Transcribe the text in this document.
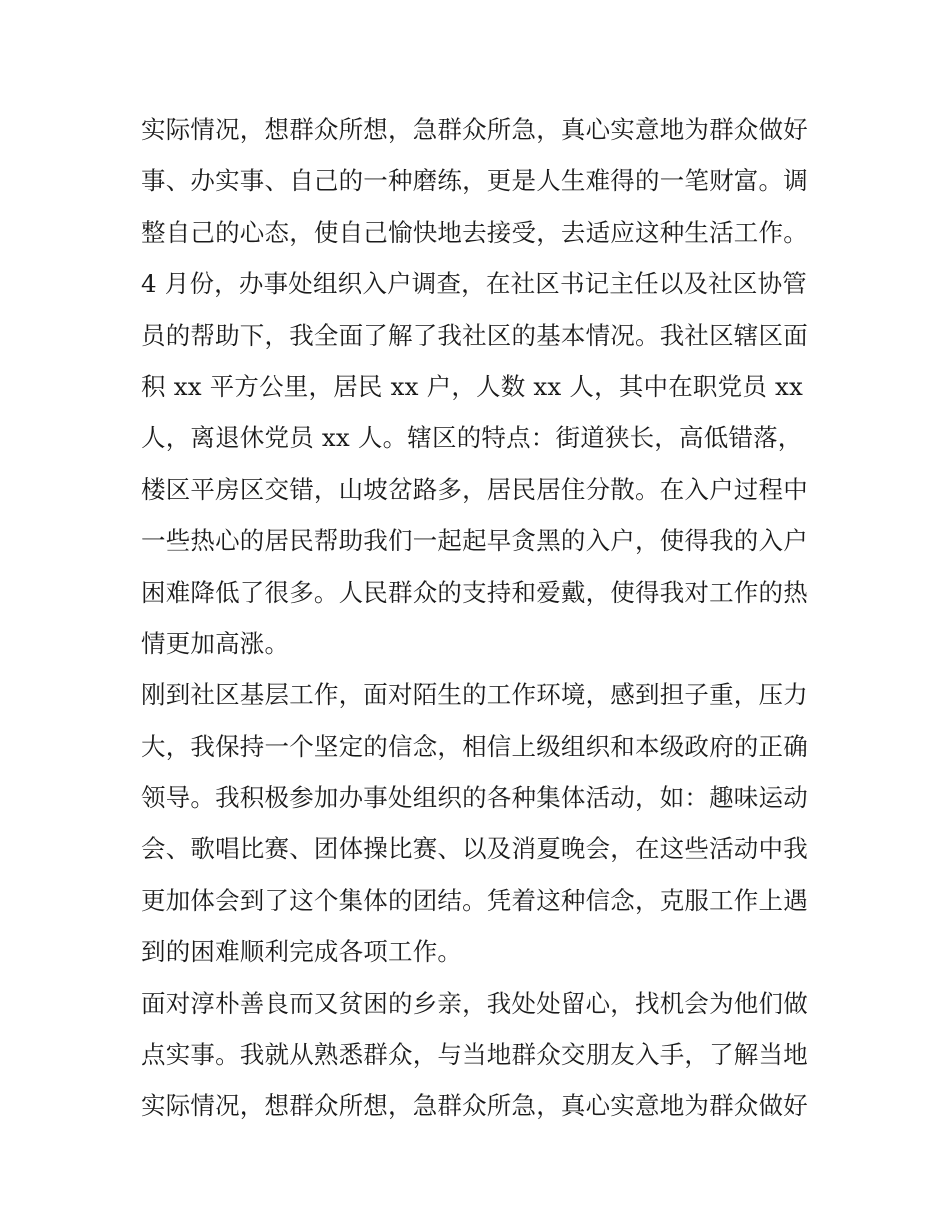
实际情况，想群众所想，急群众所急，真心实意地为群众做好
事、办实事、自己的一种磨练，更是人生难得的一笔财富。调
整自己的心态，使自己愉快地去接受，去适应这种生活工作。
4 月份，办事处组织入户调查，在社区书记主任以及社区协管
员的帮助下，我全面了解了我社区的基本情况。我社区辖区面
积 xx 平方公里，居民 xx 户，人数 xx 人，其中在职党员 xx
人，离退休党员 xx 人。辖区的特点：街道狭长，高低错落，
楼区平房区交错，山坡岔路多，居民居住分散。在入户过程中
一些热心的居民帮助我们一起起早贪黑的入户，使得我的入户
困难降低了很多。人民群众的支持和爱戴，使得我对工作的热
情更加高涨。
刚到社区基层工作，面对陌生的工作环境，感到担子重，压力
大，我保持一个坚定的信念，相信上级组织和本级政府的正确
领导。我积极参加办事处组织的各种集体活动，如：趣味运动
会、歌唱比赛、团体操比赛、以及消夏晚会，在这些活动中我
更加体会到了这个集体的团结。凭着这种信念，克服工作上遇
到的困难顺利完成各项工作。
面对淳朴善良而又贫困的乡亲，我处处留心，找机会为他们做
点实事。我就从熟悉群众，与当地群众交朋友入手，了解当地
实际情况，想群众所想，急群众所急，真心实意地为群众做好
